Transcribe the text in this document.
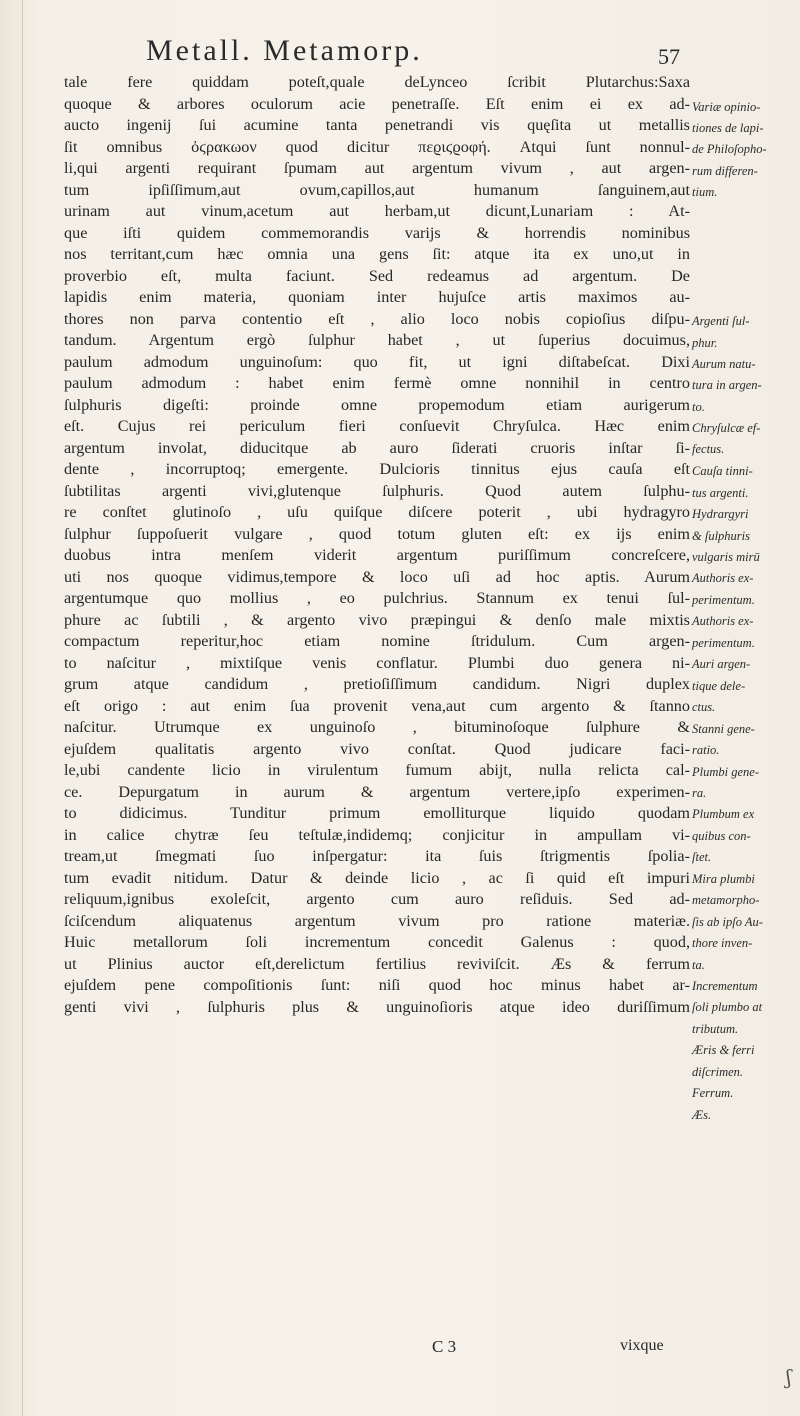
Metall. Metamorp.	57
tale fere quiddam poteſt,quale deLynceo ſcribit Plutarchus:Saxa
quoque & arbores oculorum acie penetraſſe. Eſt enim ei ex ad-
aucto ingenij ſui acumine tanta penetrandi vis quęſita ut metallis
ſit omnibus ὀϛρακωον quod dicitur πεϱιϛϱοφή. Atqui ſunt nonnul-
li,qui argenti requirant ſpumam aut argentum vivum , aut argen-
tum ipſiſſimum,aut ovum,capillos,aut humanum ſanguinem,aut
urinam aut vinum,acetum aut herbam,ut dicunt,Lunariam : At-
que iſti quidem commemorandis varijs & horrendis nominibus
nos territant,cum hæc omnia una gens ſit: atque ita ex uno,ut in
proverbio eſt, multa faciunt. Sed redeamus ad argentum. De
lapidis enim materia, quoniam inter hujuſce artis maximos au-
thores non parva contentio eſt , alio loco nobis copioſius diſpu-
tandum. Argentum ergò ſulphur habet , ut ſuperius docuimus,
paulum admodum unguinoſum: quo fit, ut igni diſtabeſcat. Dixi
paulum admodum : habet enim fermè omne nonnihil in centro
ſulphuris digeſti: proinde omne propemodum etiam aurigerum
eſt. Cujus rei periculum fieri conſuevit Chryſulca. Hæc enim
argentum involat, diducitque ab auro ſiderati cruoris inſtar ſi-
dente , incorruptoq; emergente. Dulcioris tinnitus ejus cauſa eſt
ſubtilitas argenti vivi,glutenque ſulphuris. Quod autem ſulphu-
re conſtet glutinoſo , uſu quiſque diſcere poterit , ubi hydragyro
ſulphur ſuppoſuerit vulgare , quod totum gluten eſt: ex ijs enim
duobus intra menſem viderit argentum puriſſimum concreſcere,
uti nos quoque vidimus,tempore & loco uſi ad hoc aptis. Aurum
argentumque quo mollius , eo pulchrius. Stannum ex tenui ſul-
phure ac ſubtili , & argento vivo præpingui & denſo male mixtis
compactum reperitur,hoc etiam nomine ſtridulum. Cum argen-
to naſcitur , mixtiſque venis conflatur. Plumbi duo genera ni-
grum atque candidum , pretioſiſſimum candidum. Nigri duplex
eſt origo : aut enim ſua provenit vena,aut cum argento & ſtanno
naſcitur. Utrumque ex unguinoſo , bituminoſoque ſulphure &
ejuſdem qualitatis argento vivo conſtat. Quod judicare faci-
le,ubi candente licio in virulentum fumum abijt, nulla relicta cal-
ce. Depurgatum in aurum & argentum vertere,ipſo experimen-
to didicimus. Tunditur primum emolliturque liquido quodam
in calice chytræ ſeu teſtulæ,indidemq; conjicitur in ampullam vi-
tream,ut ſmegmati ſuo inſpergatur: ita ſuis ſtrigmentis ſpolia-
tum evadit nitidum. Datur & deinde licio , ac ſi quid eſt impuri
reliquum,ignibus exoleſcit, argento cum auro reſiduis. Sed ad-
ſciſcendum aliquatenus argentum vivum pro ratione materiæ.
Huic metallorum ſoli incrementum concedit Galenus : quod,
ut Plinius auctor eſt,derelictum fertilius reviviſcit. Æs & ferrum
ejuſdem pene compoſitionis ſunt: niſi quod hoc minus habet ar-
genti vivi , ſulphuris plus & unguinoſioris atque ideo duriſſimum
Variæ opinio-
tiones de lapi-
de Philoſopho-
rum differen-
tium.
Argenti ſul-
phur.
Aurum natu-
tura in argen-
to.
Chryſulcæ ef-
fectus.
Cauſa tinni-
tus argenti.
Hydrargyri
& ſulphuris
vulgaris mirū
Authoris ex-
perimentum.
Authoris ex-
perimentum.
Auri argen-
tique dele-
ctus.
Stanni gene-
ratio.
Plumbi gene-
ra.
Plumbum ex
quibus con-
ſtet.
Mira plumbi
metamorpho-
ſis ab ipſo Au-
thore inven-
ta.
Incrementum
ſoli plumbo at
tributum.
Æris & ferri
diſcrimen.
Ferrum.
Æs.
C 3	vixque
ʃ
